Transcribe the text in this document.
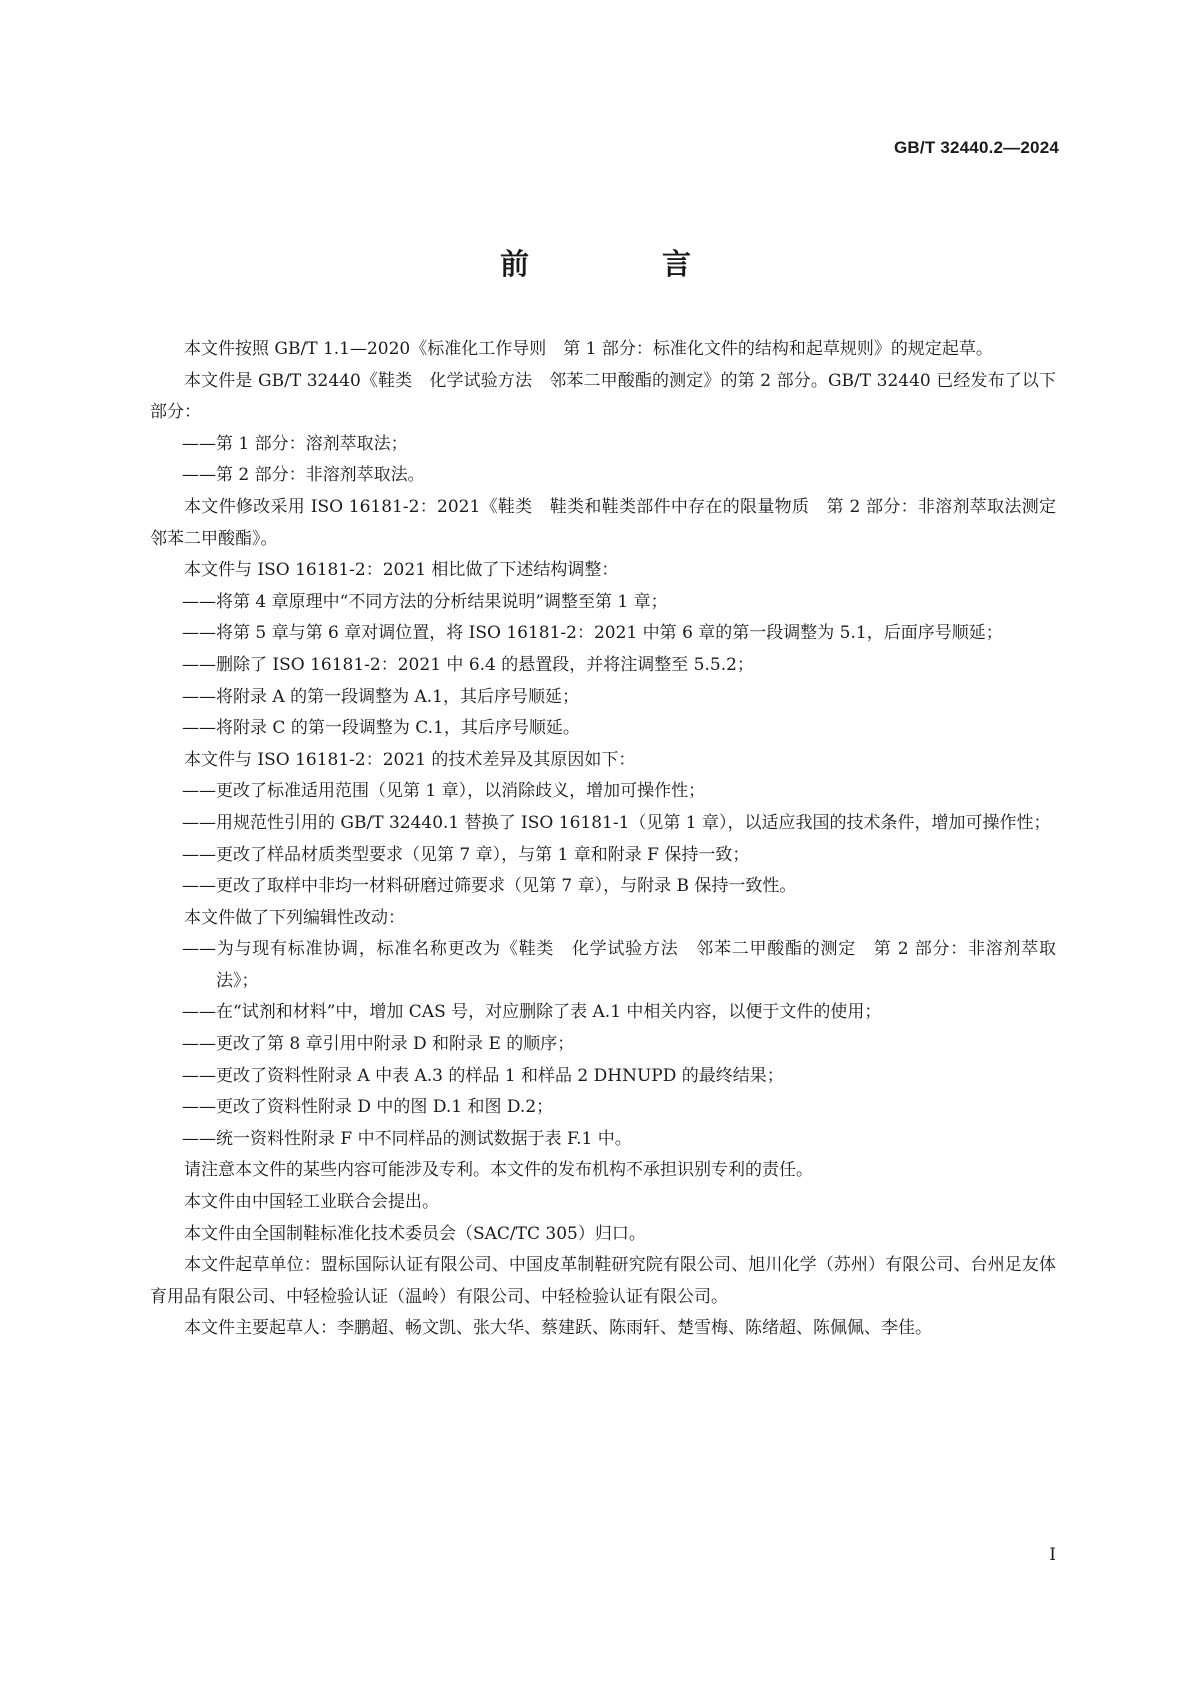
GB/T 32440.2—2024
前　言

本文件按照 GB/T 1.1—2020《标准化工作导则　第 1 部分：标准化文件的结构和起草规则》的规定起草。

本文件是 GB/T 32440《鞋类　化学试验方法　邻苯二甲酸酯的测定》的第 2 部分。GB/T 32440 已经发布了以下部分：

——第 1 部分：溶剂萃取法；

——第 2 部分：非溶剂萃取法。

本文件修改采用 ISO 16181-2：2021《鞋类　鞋类和鞋类部件中存在的限量物质　第 2 部分：非溶剂萃取法测定邻苯二甲酸酯》。

本文件与 ISO 16181-2：2021 相比做了下述结构调整：

——将第 4 章原理中“不同方法的分析结果说明”调整至第 1 章；

——将第 5 章与第 6 章对调位置，将 ISO 16181-2：2021 中第 6 章的第一段调整为 5.1，后面序号顺延；

——删除了 ISO 16181-2：2021 中 6.4 的悬置段，并将注调整至 5.5.2；

——将附录 A 的第一段调整为 A.1，其后序号顺延；

——将附录 C 的第一段调整为 C.1，其后序号顺延。

本文件与 ISO 16181-2：2021 的技术差异及其原因如下：

——更改了标准适用范围（见第 1 章），以消除歧义，增加可操作性；

——用规范性引用的 GB/T 32440.1 替换了 ISO 16181-1（见第 1 章），以适应我国的技术条件，增加可操作性；

——更改了样品材质类型要求（见第 7 章），与第 1 章和附录 F 保持一致；

——更改了取样中非均一材料研磨过筛要求（见第 7 章），与附录 B 保持一致性。

本文件做了下列编辑性改动：

——为与现有标准协调，标准名称更改为《鞋类　化学试验方法　邻苯二甲酸酯的测定　第 2 部分：非溶剂萃取法》；

——在“试剂和材料”中，增加 CAS 号，对应删除了表 A.1 中相关内容，以便于文件的使用；

——更改了第 8 章引用中附录 D 和附录 E 的顺序；

——更改了资料性附录 A 中表 A.3 的样品 1 和样品 2 DHNUPD 的最终结果；

——更改了资料性附录 D 中的图 D.1 和图 D.2；

——统一资料性附录 F 中不同样品的测试数据于表 F.1 中。

请注意本文件的某些内容可能涉及专利。本文件的发布机构不承担识别专利的责任。

本文件由中国轻工业联合会提出。

本文件由全国制鞋标准化技术委员会（SAC/TC 305）归口。

本文件起草单位：盟标国际认证有限公司、中国皮革制鞋研究院有限公司、旭川化学（苏州）有限公司、台州足友体育用品有限公司、中轻检验认证（温岭）有限公司、中轻检验认证有限公司。

本文件主要起草人：李鹏超、畅文凯、张大华、蔡建跃、陈雨轩、楚雪梅、陈绪超、陈佩佩、李佳。

Ⅰ
